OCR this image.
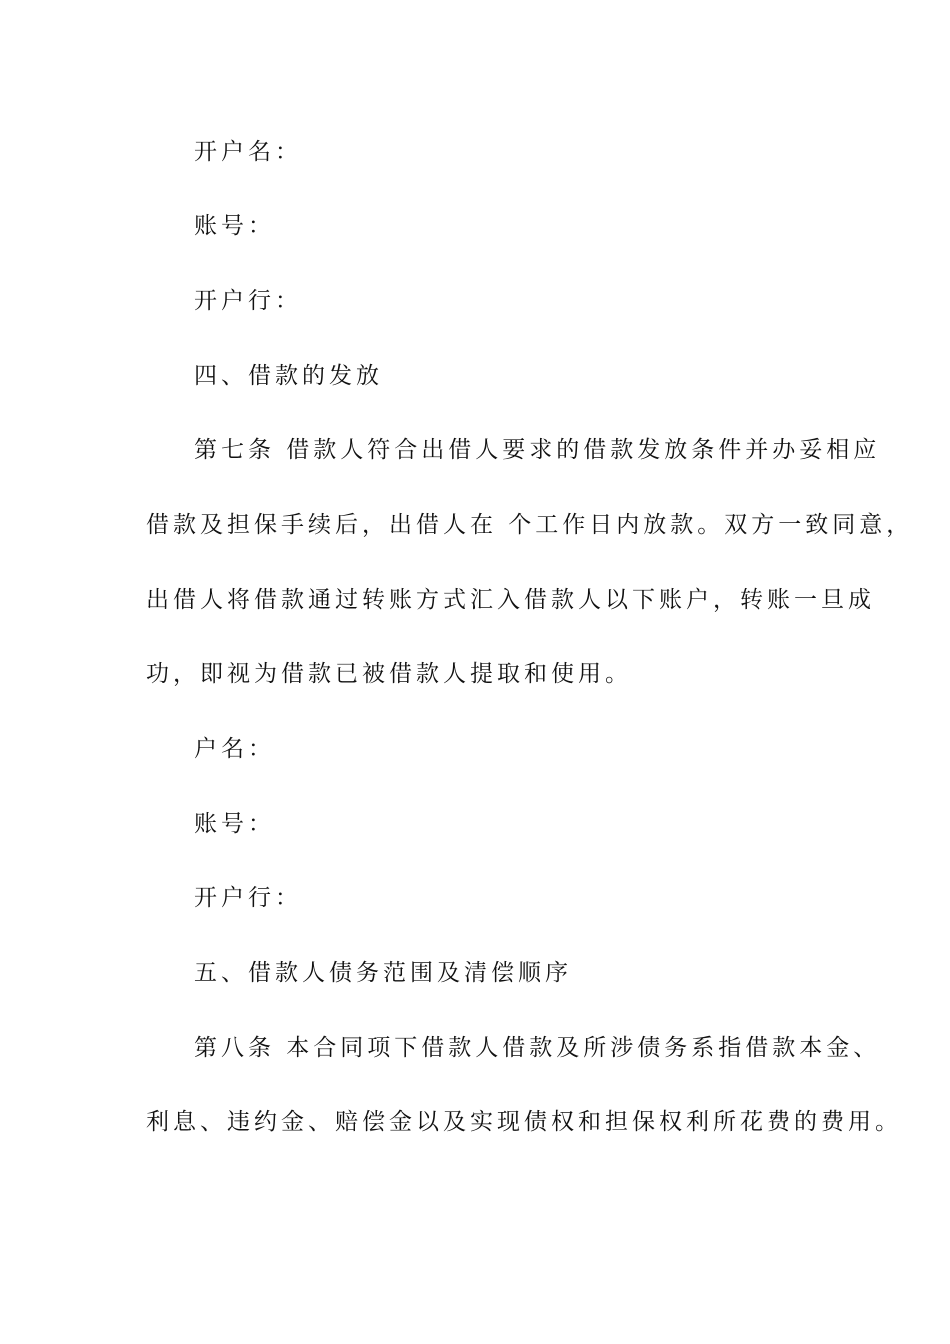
开户名：
账号：
开户行：
四、借款的发放
第七条 借款人符合出借人要求的借款发放条件并办妥相应
借款及担保手续后，出借人在 个工作日内放款。双方一致同意，
出借人将借款通过转账方式汇入借款人以下账户，转账一旦成
功，即视为借款已被借款人提取和使用。
户名：
账号：
开户行：
五、借款人债务范围及清偿顺序
第八条 本合同项下借款人借款及所涉债务系指借款本金、
利息、违约金、赔偿金以及实现债权和担保权利所花费的费用。
